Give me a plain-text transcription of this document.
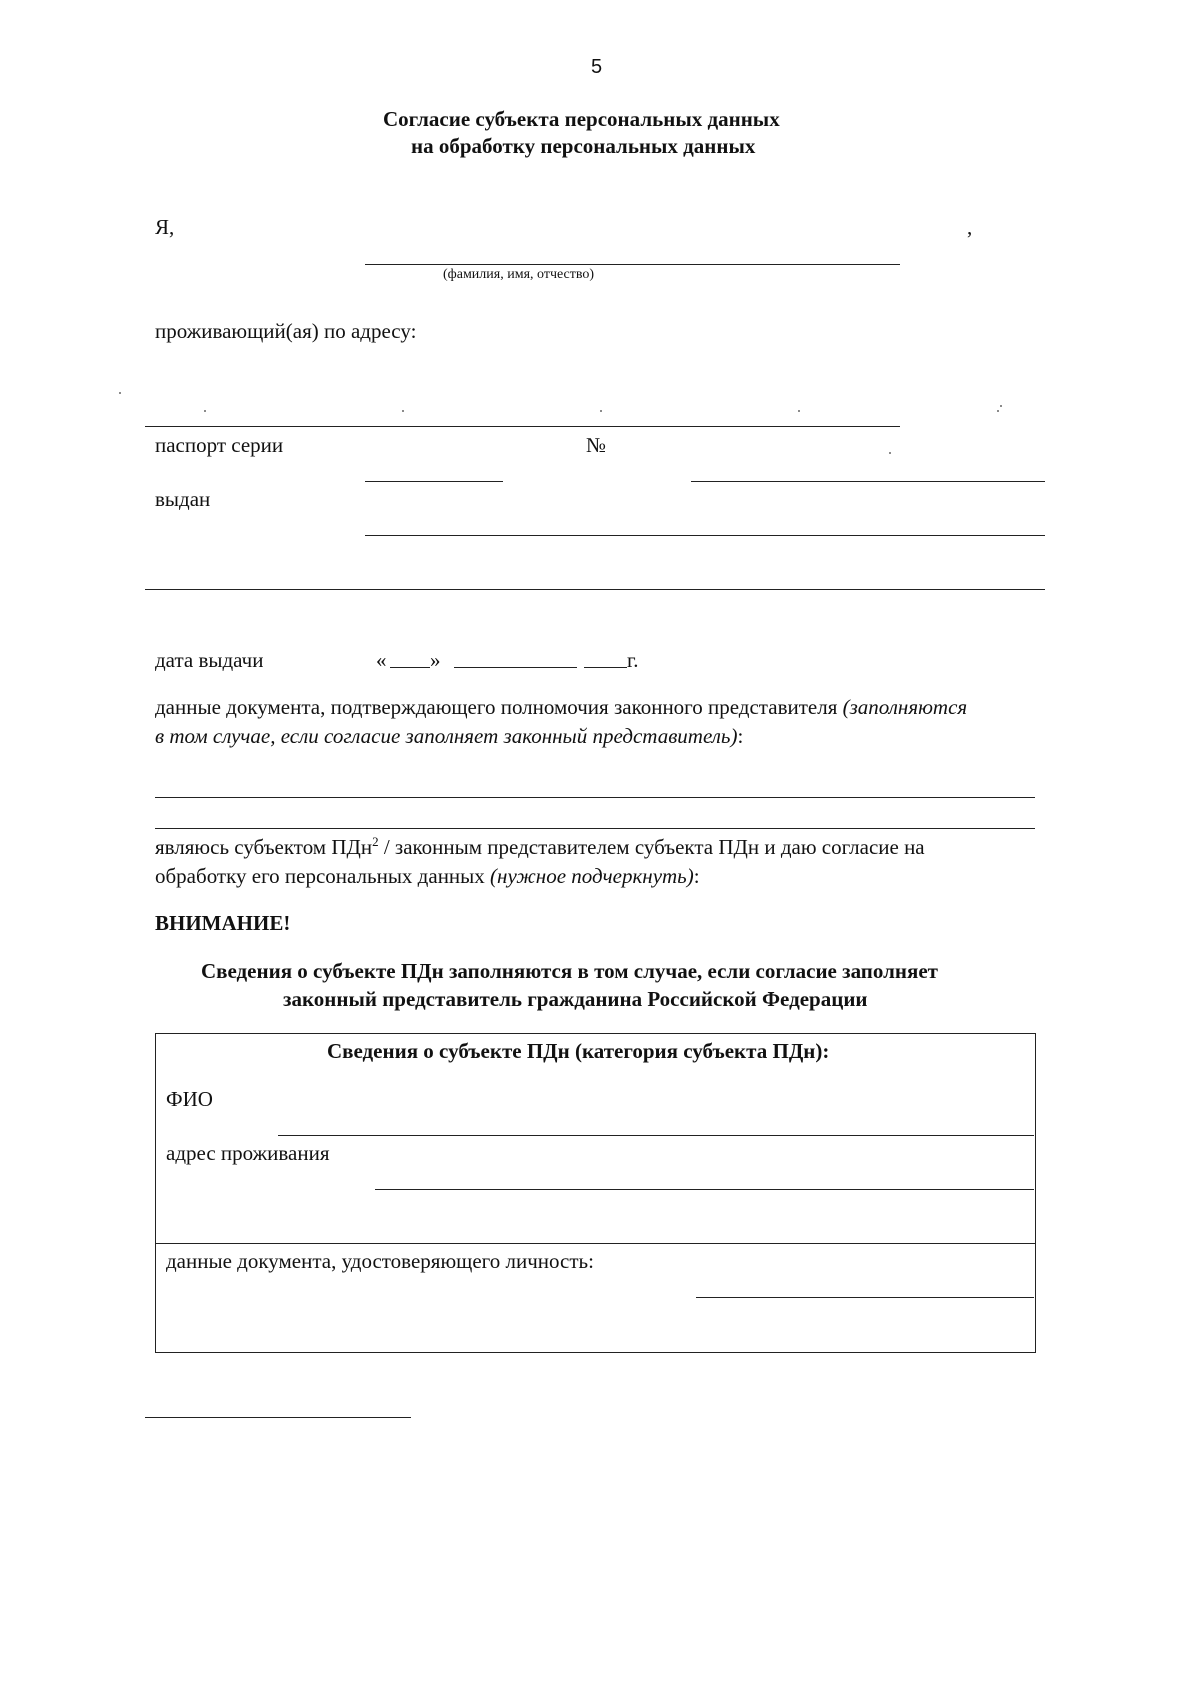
5
Согласие субъекта персональных данных
на обработку персональных данных
Я,	,
(фамилия, имя, отчество)
проживающий(ая) по адресу:
паспорт серии	№
выдан
дата выдачи	« »	г.
данные документа, подтверждающего полномочия законного представителя (заполняются
в том случае, если согласие заполняет законный представитель):
являюсь субъектом ПДн$^2$ / законным представителем субъекта ПДн и даю согласие на
обработку его персональных данных (нужное подчеркнуть):
ВНИМАНИЕ!
Сведения о субъекте ПДн заполняются в том случае, если согласие заполняет
законный представитель гражданина Российской Федерации
Сведения о субъекте ПДн (категория субъекта ПДн):
ФИО
адрес проживания
данные документа, удостоверяющего личность:
